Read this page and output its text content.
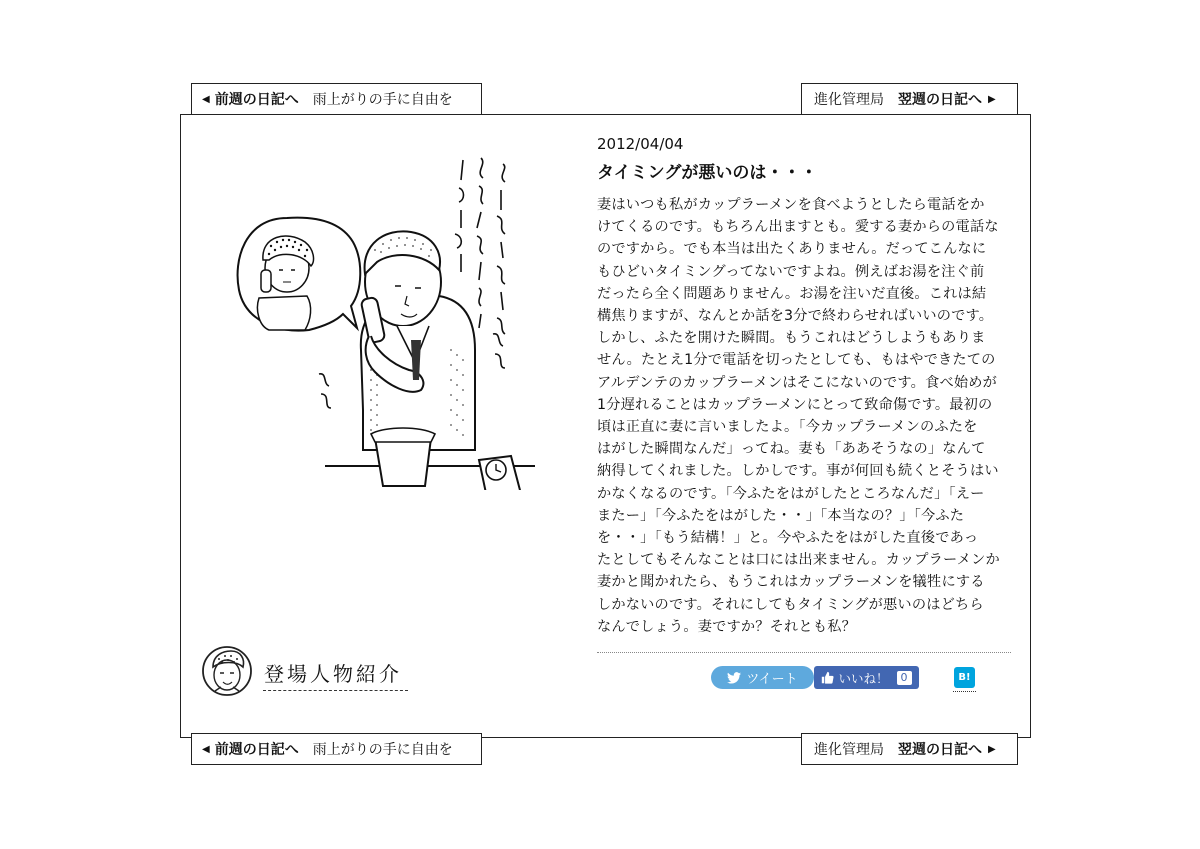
◀ 前週の日記へ 雨上がりの手に自由を	進化管理局 翌週の日記へ ▶
2012/04/04
タイミングが悪いのは・・・

妻はいつも私がカップラーメンを食べようとしたら電話をか

けてくるのです。もちろん出ますとも。愛する妻からの電話な

のですから。でも本当は出たくありません。だってこんなに

もひどいタイミングってないですよね。例えばお湯を注ぐ前

だったら全く問題ありません。お湯を注いだ直後。これは結

構焦りますが、なんとか話を3分で終わらせればいいのです。

しかし、ふたを開けた瞬間。もうこれはどうしようもありま

せん。たとえ1分で電話を切ったとしても、もはやできたての

アルデンテのカップラーメンはそこにないのです。食べ始めが

1分遅れることはカップラーメンにとって致命傷です。最初の

頃は正直に妻に言いましたよ。「今カップラーメンのふたを

はがした瞬間なんだ」ってね。妻も「ああそうなの」なんて

納得してくれました。しかしです。事が何回も続くとそうはい

かなくなるのです。「今ふたをはがしたところなんだ」「えー

またー」「今ふたをはがした・・」「本当なの？」「今ふた

を・・」「もう結構！」と。今やふたをはがした直後であっ

たとしてもそんなことは口には出来ません。カップラーメンか

妻かと聞かれたら、もうこれはカップラーメンを犠牲にする

しかないのです。それにしてもタイミングが悪いのはどちら

なんでしょう。妻ですか？それとも私？

ツイート	いいね！	0	B!
登場人物紹介
◀ 前週の日記へ 雨上がりの手に自由を	進化管理局 翌週の日記へ ▶
